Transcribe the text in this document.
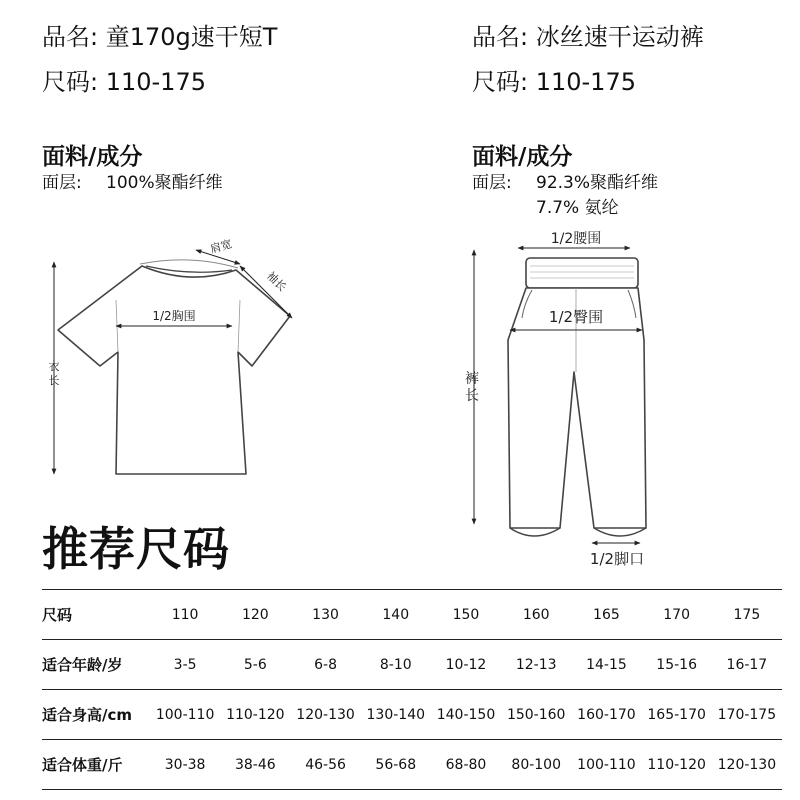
品名: 童170g速干短T
尺码: 110-175
面料/成分
面层: 100%聚酯纤维
品名: 冰丝速干运动裤
尺码: 110-175
面料/成分
面层: 92.3%聚酯纤维
7.7% 氨纶
肩宽
袖长
1/2胸围
衣
长
1/2腰围
1/2臀围
裤
长
1/2脚口
推荐尺码
尺码	110	120	130	140	150	160	165	170	175
适合年龄/岁	3-5	5-6	6-8	8-10	10-12	12-13	14-15	15-16	16-17
适合身高/cm	100-110	110-120	120-130	130-140	140-150	150-160	160-170	165-170	170-175
适合体重/斤	30-38	38-46	46-56	56-68	68-80	80-100	100-110	110-120	120-130
